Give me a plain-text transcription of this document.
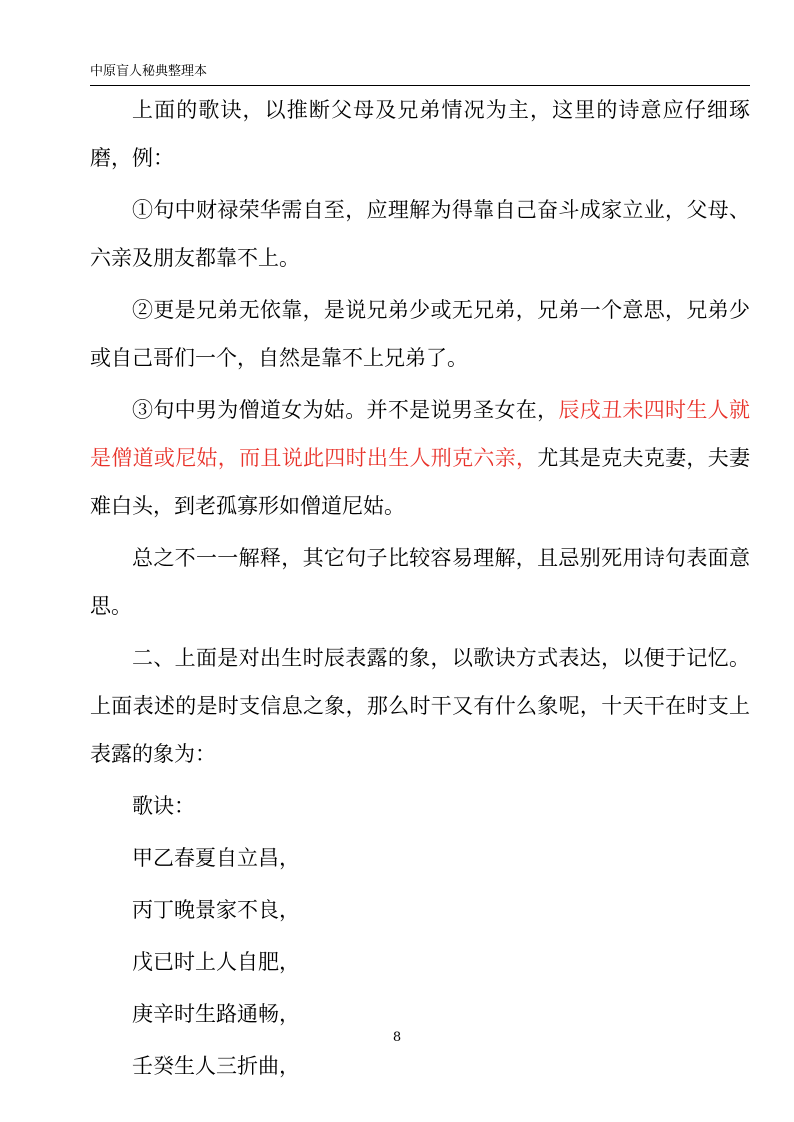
中原盲人秘典整理本

上面的歌诀，以推断父母及兄弟情况为主，这里的诗意应仔细琢磨，例：

①句中财禄荣华需自至，应理解为得靠自己奋斗成家立业，父母、六亲及朋友都靠不上。

②更是兄弟无依靠，是说兄弟少或无兄弟，兄弟一个意思，兄弟少或自己哥们一个，自然是靠不上兄弟了。

③句中男为僧道女为姑。并不是说男圣女在，辰戌丑未四时生人就是僧道或尼姑，而且说此四时出生人刑克六亲，尤其是克夫克妻，夫妻难白头，到老孤寡形如僧道尼姑。

总之不一一解释，其它句子比较容易理解，且忌别死用诗句表面意思。

二、上面是对出生时辰表露的象，以歌诀方式表达，以便于记忆。上面表述的是时支信息之象，那么时干又有什么象呢，十天干在时支上表露的象为：

歌诀：

甲乙春夏自立昌，

丙丁晚景家不良，

戊已时上人自肥，

庚辛时生路通畅，

壬癸生人三折曲，

8
